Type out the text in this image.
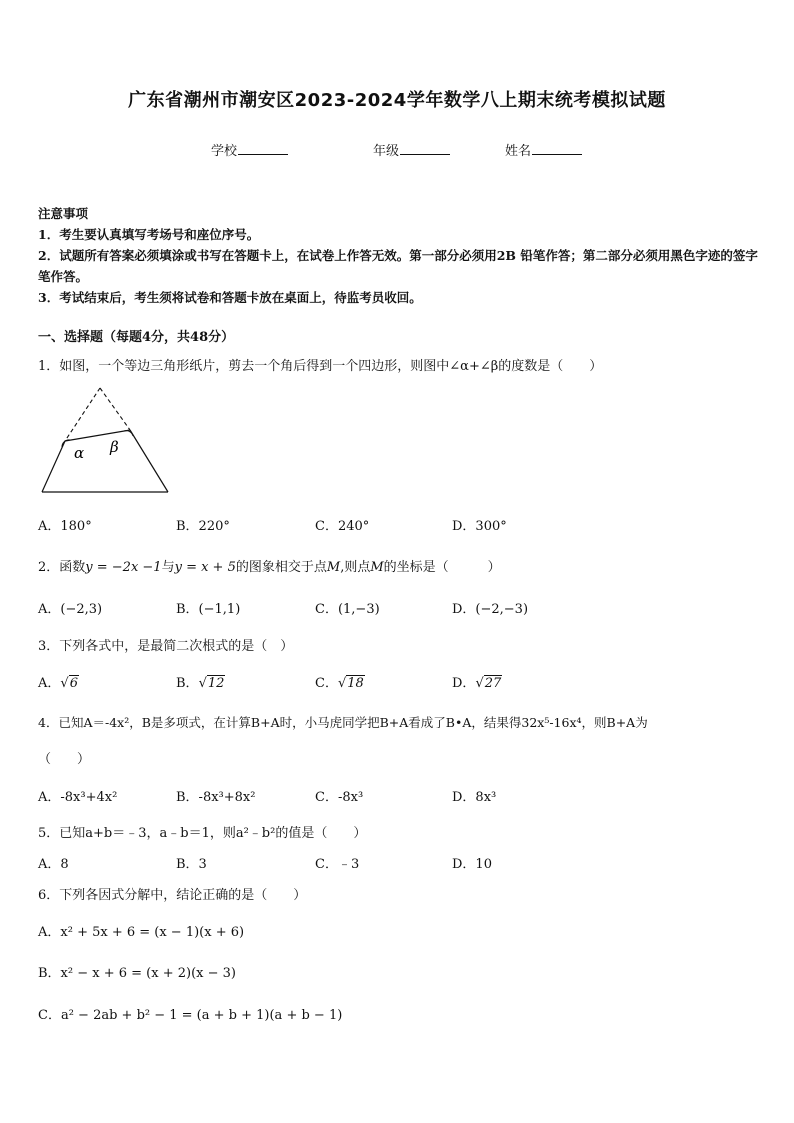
广东省潮州市潮安区2023-2024学年数学八上期末统考模拟试题
学校	年级	姓名
注意事项
1．考生要认真填写考场号和座位序号。
2．试题所有答案必须填涂或书写在答题卡上，在试卷上作答无效。第一部分必须用2B 铅笔作答；第二部分必须用黑色字迹的签字笔作答。
3．考试结束后，考生须将试卷和答题卡放在桌面上，待监考员收回。
一、选择题（每题4分，共48分）
1．如图，一个等边三角形纸片，剪去一个角后得到一个四边形，则图中∠α+∠β的度数是（　　）
α β
A．180°	B．220°	C．240°	D．300°
2．函数y = −2x −1与y = x + 5的图象相交于点M,则点M的坐标是（　　　）
A．(−2,3)	B．(−1,1)	C．(1,−3)	D．(−2,−3)
3．下列各式中，是最简二次根式的是（　）
A．√6	B．√12	C．√18	D．√27
4．已知A＝-4x²，B是多项式，在计算B+A时，小马虎同学把B+A看成了B•A，结果得32x⁵-16x⁴，则B+A为
（　　）
A．-8x³+4x²	B．-8x³+8x²	C．-8x³	D．8x³
5．已知a+b＝﹣3，a﹣b＝1，则a²﹣b²的值是（　　）
A．8	B．3	C．﹣3	D．10
6．下列各因式分解中，结论正确的是（　　）
A．x² + 5x + 6 = (x − 1)(x + 6)
B．x² − x + 6 = (x + 2)(x − 3)
C．a² − 2ab + b² − 1 = (a + b + 1)(a + b − 1)
